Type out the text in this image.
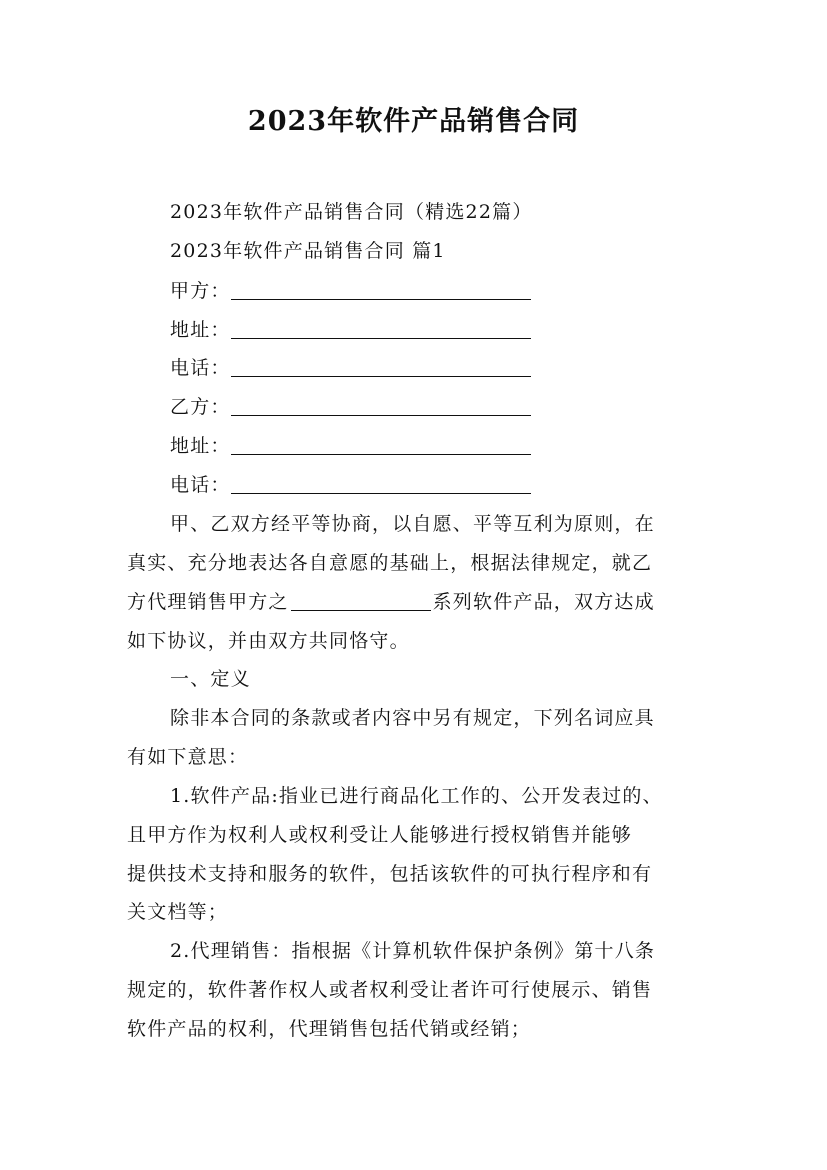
2023年软件产品销售合同
2023年软件产品销售合同（精选22篇）
2023年软件产品销售合同 篇1
甲方：
地址：
电话：
乙方：
地址：
电话：
甲、乙双方经平等协商，以自愿、平等互利为原则，在
真实、充分地表达各自意愿的基础上，根据法律规定，就乙
方代理销售甲方之	系列软件产品，双方达成
如下协议，并由双方共同恪守。
一、定义
除非本合同的条款或者内容中另有规定，下列名词应具
有如下意思：
1.软件产品:指业已进行商品化工作的、公开发表过的、
且甲方作为权利人或权利受让人能够进行授权销售并能够
提供技术支持和服务的软件，包括该软件的可执行程序和有
关文档等；
2.代理销售：指根据《计算机软件保护条例》第十八条
规定的，软件著作权人或者权利受让者许可行使展示、销售
软件产品的权利，代理销售包括代销或经销；
